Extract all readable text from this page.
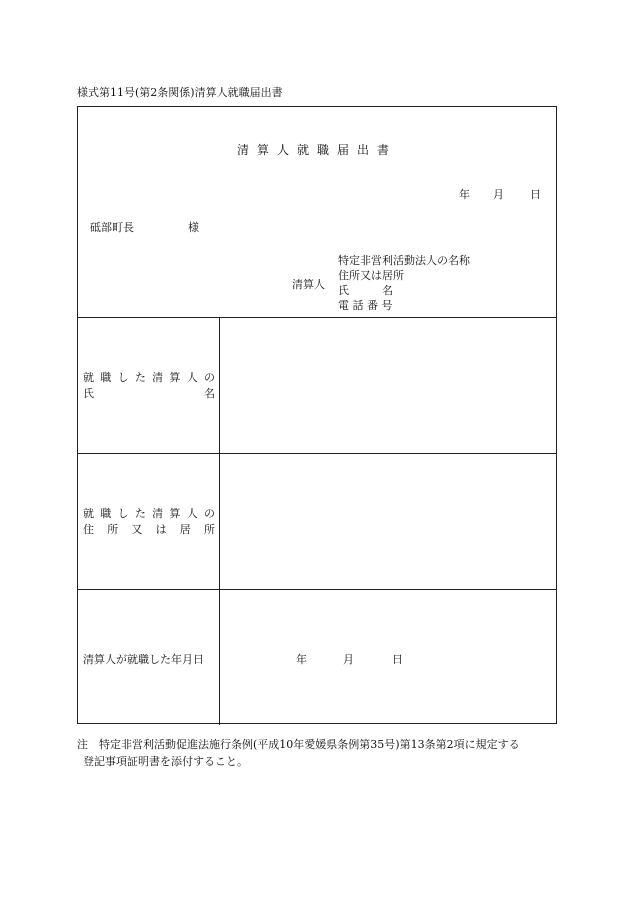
様式第11号(第2条関係)清算人就職届出書
清算人就職届出書
年 月 日
砥部町長	様
清算人
特定非営利活動法人の名称
住所又は居所
氏　　　名
電 話 番 号
就職した清算人の
氏名
就職した清算人の
住所又は居所
清算人が就職した年月日	年	月	日
注 特定非営利活動促進法施行条例(平成10年愛媛県条例第35号)第13条第2項に規定する
登記事項証明書を添付すること。
